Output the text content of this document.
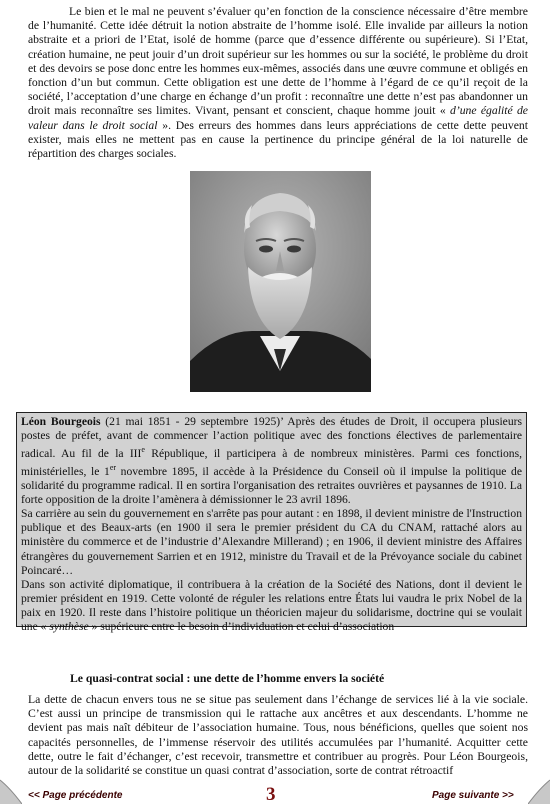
Le bien et le mal ne peuvent s’évaluer qu’en fonction de la conscience nécessaire d’être membre de l’humanité. Cette idée détruit la notion abstraite de l’homme isolé. Elle invalide par ailleurs la notion abstraite et a priori de l’Etat, isolé de homme (parce que d’essence différente ou supérieure). Si l’Etat, création humaine, ne peut jouir d’un droit supérieur sur les hommes ou sur la société, le problème du droit et des devoirs se pose donc entre les hommes eux-mêmes, associés dans une œuvre commune et obligés en fonction d’un but commun. Cette obligation est une dette de l’homme à l’égard de ce qu’il reçoit de la société, l’acceptation d’une charge en échange d’un profit : reconnaître une dette n’est pas abandonner un droit mais reconnaître ses limites. Vivant, pensant et conscient, chaque homme jouit « d’une égalité de valeur dans le droit social ». Des erreurs des hommes dans leurs appréciations de cette dette peuvent exister, mais elles ne mettent pas en cause la pertinence du principe général de la loi naturelle de répartition des charges sociales.

Léon Bourgeois (21 mai 1851 - 29 septembre 1925)’ Après des études de Droit, il occupera plusieurs postes de préfet, avant de commencer l’action politique avec des fonctions électives de parlementaire radical. Au fil de la IIIe République, il participera à de nombreux ministères. Parmi ces fonctions, ministérielles, le 1er novembre 1895, il accède à la Présidence du Conseil où il impulse la politique de solidarité du programme radical. Il en sortira l'organisation des retraites ouvrières et paysannes de 1910. La forte opposition de la droite l’amènera à démissionner le 23 avril 1896.

Sa carrière au sein du gouvernement en s'arrête pas pour autant : en 1898, il devient ministre de l'Instruction publique et des Beaux-arts (en 1900 il sera le premier président du CA du CNAM, rattaché alors au ministère du commerce et de l’industrie d’Alexandre Millerand) ; en 1906, il devient ministre des Affaires étrangères du gouvernement Sarrien et en 1912, ministre du Travail et de la Prévoyance sociale du cabinet Poincaré…

Dans son activité diplomatique, il contribuera à la création de la Société des Nations, dont il devient le premier président en 1919. Cette volonté de réguler les relations entre États lui vaudra le prix Nobel de la paix en 1920. Il reste dans l’histoire politique un théoricien majeur du solidarisme, doctrine qui se voulait une « synthèse » supérieure entre le besoin d’individuation et celui d’association

Le quasi-contrat social : une dette de l’homme envers la société

La dette de chacun envers tous ne se situe pas seulement dans l’échange de services lié à la vie sociale. C’est aussi un principe de transmission qui le rattache aux ancêtres et aux descendants. L’homme ne devient pas mais naît débiteur de l’association humaine. Tous, nous bénéficions, quelles que soient nos capacités personnelles, de l’immense réservoir des utilités accumulées par l’humanité. Acquitter cette dette, outre le fait d’échanger, c’est recevoir, transmettre et contribuer au progrès. Pour Léon Bourgeois, autour de la solidarité se constitue un quasi contrat d’association, sorte de contrat rétroactif

<< Page précédente	3	Page suivante >>
